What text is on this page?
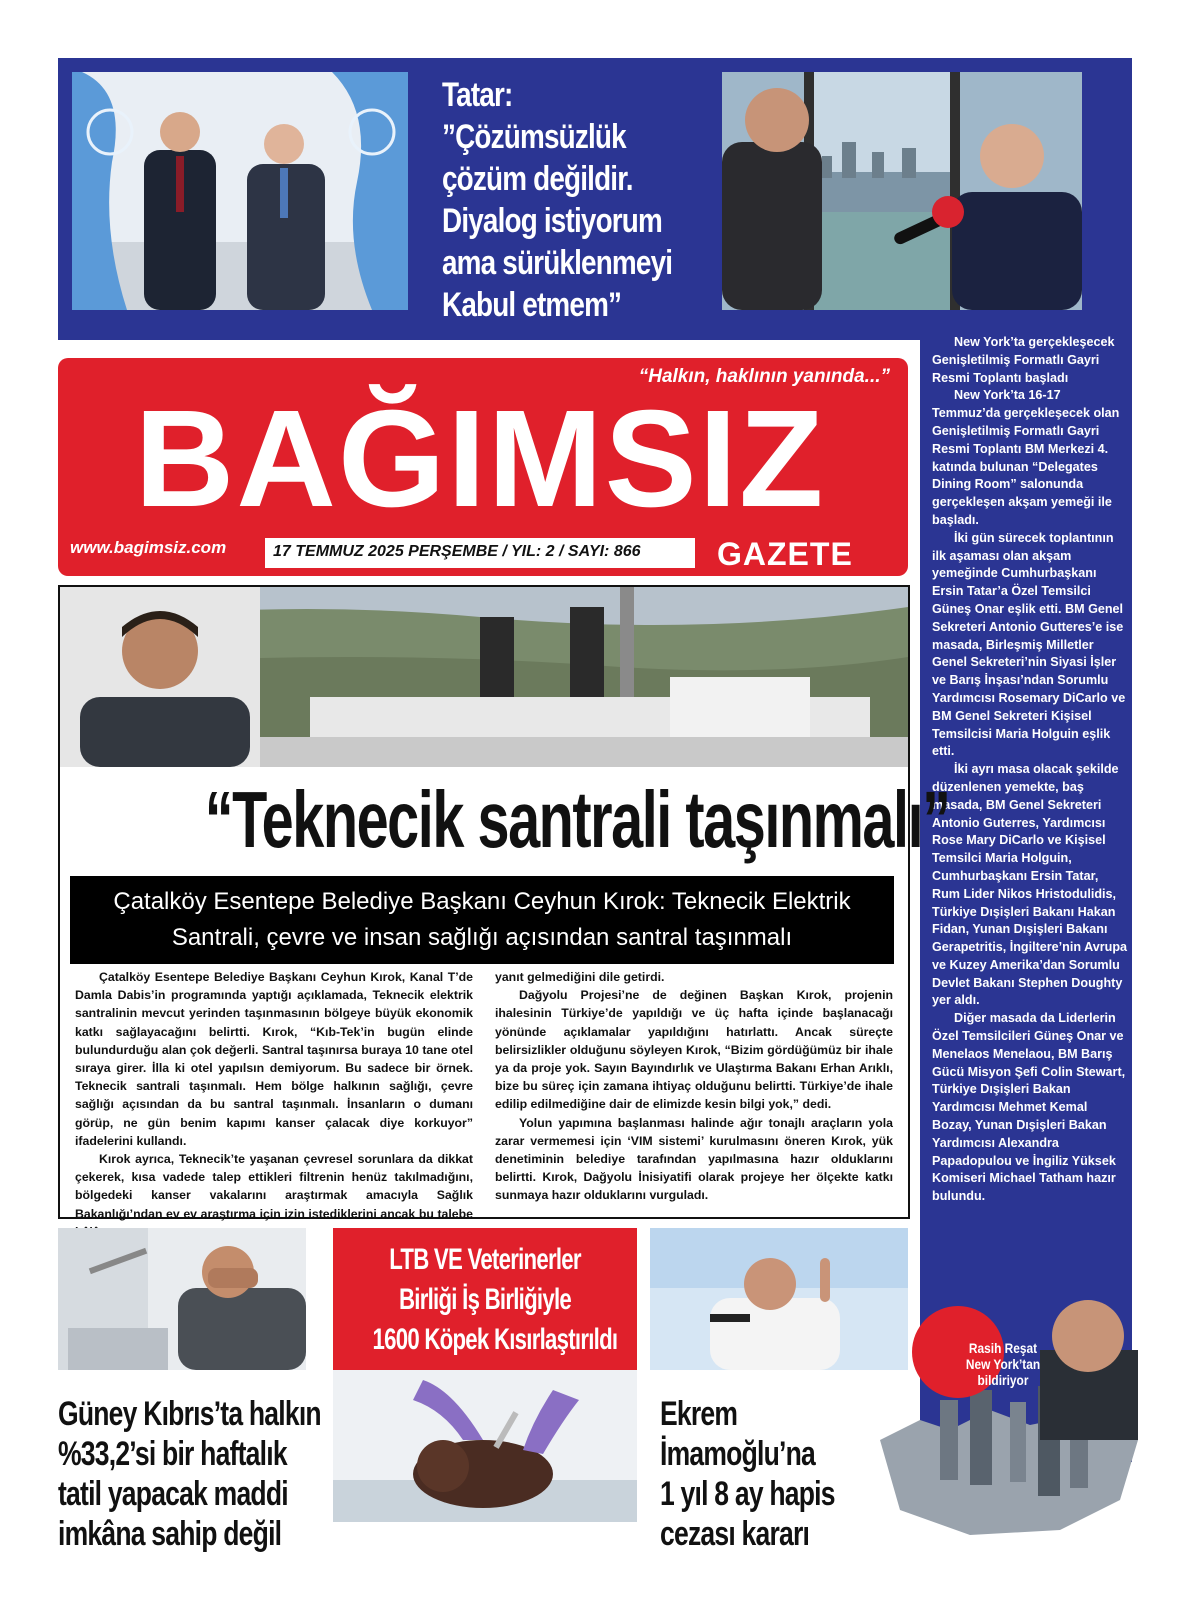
Tatar:
”Çözümsüzlük
çözüm değildir.
Diyalog istiyorum
ama sürüklenmeyi
Kabul etmem”

New York’ta gerçekleşecek Genişletilmiş Formatlı Gayri Resmi Toplantı başladı

New York’ta 16-17 Temmuz’da gerçekleşecek olan Genişletilmiş Formatlı Gayri Resmi Toplantı BM Merkezi 4. katında bulunan “Delegates Dining Room” salonunda gerçekleşen akşam yemeği ile başladı.

İki gün sürecek toplantının ilk aşaması olan akşam yemeğinde Cumhurbaşkanı Ersin Tatar’a Özel Temsilci Güneş Onar eşlik etti. BM Genel Sekreteri Antonio Gutteres’e ise masada, Birleşmiş Milletler Genel Sekreteri’nin Siyasi İşler ve Barış İnşası’ndan Sorumlu Yardımcısı Rosemary DiCarlo ve BM Genel Sekreteri Kişisel Temsilcisi Maria Holguin eşlik etti.

İki ayrı masa olacak şekilde düzenlenen yemekte, baş masada, BM Genel Sekreteri Antonio Guterres, Yardımcısı Rose Mary DiCarlo ve Kişisel Temsilci Maria Holguin, Cumhurbaşkanı Ersin Tatar, Rum Lider Nikos Hristodulidis, Türkiye Dışişleri Bakanı Hakan Fidan, Yunan Dışişleri Bakanı Gerapetritis, İngiltere’nin Avrupa ve Kuzey Amerika’dan Sorumlu Devlet Bakanı Stephen Doughty yer aldı.

Diğer masada da Liderlerin Özel Temsilcileri Güneş Onar ve Menelaos Menelaou, BM Barış Gücü Misyon Şefi Colin Stewart, Türkiye Dışişleri Bakan Yardımcısı Mehmet Kemal Bozay, Yunan Dışişleri Bakan Yardımcısı Alexandra Papadopulou ve İngiliz Yüksek Komiseri Michael Tatham hazır bulundu.

“Halkın, haklının yanında...”
BAĞIMSIZ
www.bagimsiz.com	17 TEMMUZ 2025 PERŞEMBE / YIL: 2 / SAYI: 866 GAZETE
“Teknecik santrali taşınmalı”
Çatalköy Esentepe Belediye Başkanı Ceyhun Kırok: Teknecik Elektrik
Santrali, çevre ve insan sağlığı açısından santral taşınmalı

Çatalköy Esentepe Belediye Başkanı Ceyhun Kırok, Kanal T’de Damla Dabis’in programında yaptığı açıklamada, Teknecik elektrik santralinin mevcut yerinden taşınmasının bölgeye büyük ekonomik katkı sağlayacağını belirtti. Kırok, “Kıb-Tek’in bugün elinde bulundurduğu alan çok değerli. Santral taşınırsa buraya 10 tane otel sıraya girer. İlla ki otel yapılsın demiyorum. Bu sadece bir örnek. Teknecik santrali taşınmalı. Hem bölge halkının sağlığı, çevre sağlığı açısından da bu santral taşınmalı. İnsanların o dumanı görüp, ne gün benim kapımı kanser çalacak diye korkuyor” ifadelerini kullandı.

Kırok ayrıca, Teknecik’te yaşanan çevresel sorunlara da dikkat çekerek, kısa vadede talep ettikleri filtrenin henüz takılmadığını, bölgedeki kanser vakalarını araştırmak amacıyla Sağlık Bakanlığı’ndan ev ev araştırma için izin istediklerini ancak bu talebe

yanıt gelmediğini dile getirdi.

Dağyolu Projesi’ne de değinen Başkan Kırok, projenin ihalesinin Türkiye’de yapıldığı ve üç hafta içinde başlanacağı yönünde açıklamalar yapıldığını hatırlattı. Ancak süreçte belirsizlikler olduğunu söyleyen Kırok, “Bizim gördüğümüz bir ihale ya da proje yok. Sayın Bayındırlık ve Ulaştırma Bakanı Erhan Arıklı, bize bu süreç için zamana ihtiyaç olduğunu belirtti. Türkiye’de ihale edilip edilmediğine dair de elimizde kesin bilgi yok,” dedi.

Yolun yapımına başlanması halinde ağır tonajlı araçların yola zarar vermemesi için ‘VIM sistemi’ kurulmasını öneren Kırok, yük denetiminin belediye tarafından yapılmasına hazır olduklarını belirtti. Kırok, Dağyolu İnisiyatifi olarak projeye her ölçekte katkı sunmaya hazır olduklarını vurguladı.

Güney Kıbrıs’ta halkın
%33,2’si bir haftalık
tatil yapacak maddi
imkâna sahip değil
LTB VE Veterinerler
Birliği İş Birliğiyle
1600 Köpek Kısırlaştırıldı
Ekrem
İmamoğlu’na
1 yıl 8 ay hapis
cezası kararı
Rasih Reşat
New York’tan
bildiriyor
